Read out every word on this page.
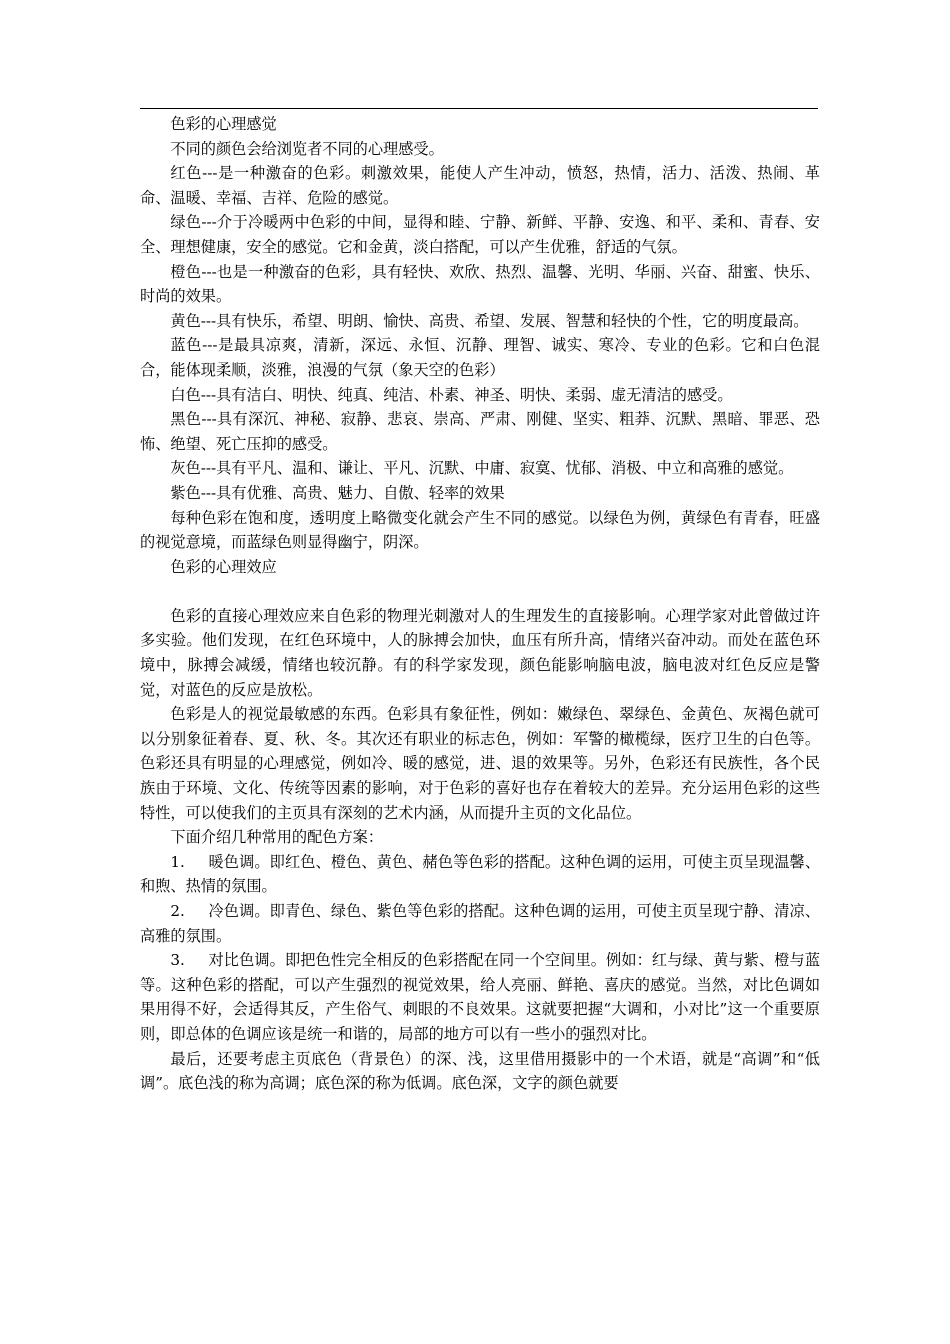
色彩的心理感觉

不同的颜色会给浏览者不同的心理感受。

红色---是一种激奋的色彩。刺激效果，能使人产生冲动，愤怒，热情，活力、活泼、热闹、革命、温暖、幸福、吉祥、危险的感觉。

绿色---介于冷暖两中色彩的中间，显得和睦、宁静、新鲜、平静、安逸、和平、柔和、青春、安全、理想健康，安全的感觉。它和金黄，淡白搭配，可以产生优雅，舒适的气氛。

橙色---也是一种激奋的色彩，具有轻快、欢欣、热烈、温馨、光明、华丽、兴奋、甜蜜、快乐、时尚的效果。

黄色---具有快乐，希望、明朗、愉快、高贵、希望、发展、智慧和轻快的个性，它的明度最高。

蓝色---是最具凉爽，清新，深远、永恒、沉静、理智、诚实、寒冷、专业的色彩。它和白色混合，能体现柔顺，淡雅，浪漫的气氛（象天空的色彩）

白色---具有洁白、明快、纯真、纯洁、朴素、神圣、明快、柔弱、虚无清洁的感受。

黑色---具有深沉、神秘、寂静、悲哀、崇高、严肃、刚健、坚实、粗莽、沉默、黑暗、罪恶、恐怖、绝望、死亡压抑的感受。

灰色---具有平凡、温和、谦让、平凡、沉默、中庸、寂寞、忧郁、消极、中立和高雅的感觉。

紫色---具有优雅、高贵、魅力、自傲、轻率的效果

每种色彩在饱和度，透明度上略微变化就会产生不同的感觉。以绿色为例，黄绿色有青春，旺盛的视觉意境，而蓝绿色则显得幽宁，阴深。

色彩的心理效应

色彩的直接心理效应来自色彩的物理光刺激对人的生理发生的直接影响。心理学家对此曾做过许多实验。他们发现，在红色环境中，人的脉搏会加快，血压有所升高，情绪兴奋冲动。而处在蓝色环境中，脉搏会减缓，情绪也较沉静。有的科学家发现，颜色能影响脑电波，脑电波对红色反应是警觉，对蓝色的反应是放松。

色彩是人的视觉最敏感的东西。色彩具有象征性，例如：嫩绿色、翠绿色、金黄色、灰褐色就可以分别象征着春、夏、秋、冬。其次还有职业的标志色，例如：军警的橄榄绿，医疗卫生的白色等。色彩还具有明显的心理感觉，例如冷、暖的感觉，进、退的效果等。另外，色彩还有民族性，各个民族由于环境、文化、传统等因素的影响，对于色彩的喜好也存在着较大的差异。充分运用色彩的这些特性，可以使我们的主页具有深刻的艺术内涵，从而提升主页的文化品位。

下面介绍几种常用的配色方案：

1. 暖色调。即红色、橙色、黄色、赭色等色彩的搭配。这种色调的运用，可使主页呈现温馨、和煦、热情的氛围。

2. 冷色调。即青色、绿色、紫色等色彩的搭配。这种色调的运用，可使主页呈现宁静、清凉、高雅的氛围。

3. 对比色调。即把色性完全相反的色彩搭配在同一个空间里。例如：红与绿、黄与紫、橙与蓝等。这种色彩的搭配，可以产生强烈的视觉效果，给人亮丽、鲜艳、喜庆的感觉。当然，对比色调如果用得不好，会适得其反，产生俗气、刺眼的不良效果。这就要把握“大调和，小对比”这一个重要原则，即总体的色调应该是统一和谐的，局部的地方可以有一些小的强烈对比。

最后，还要考虑主页底色（背景色）的深、浅，这里借用摄影中的一个术语，就是“高调”和“低调”。底色浅的称为高调；底色深的称为低调。底色深，文字的颜色就要
